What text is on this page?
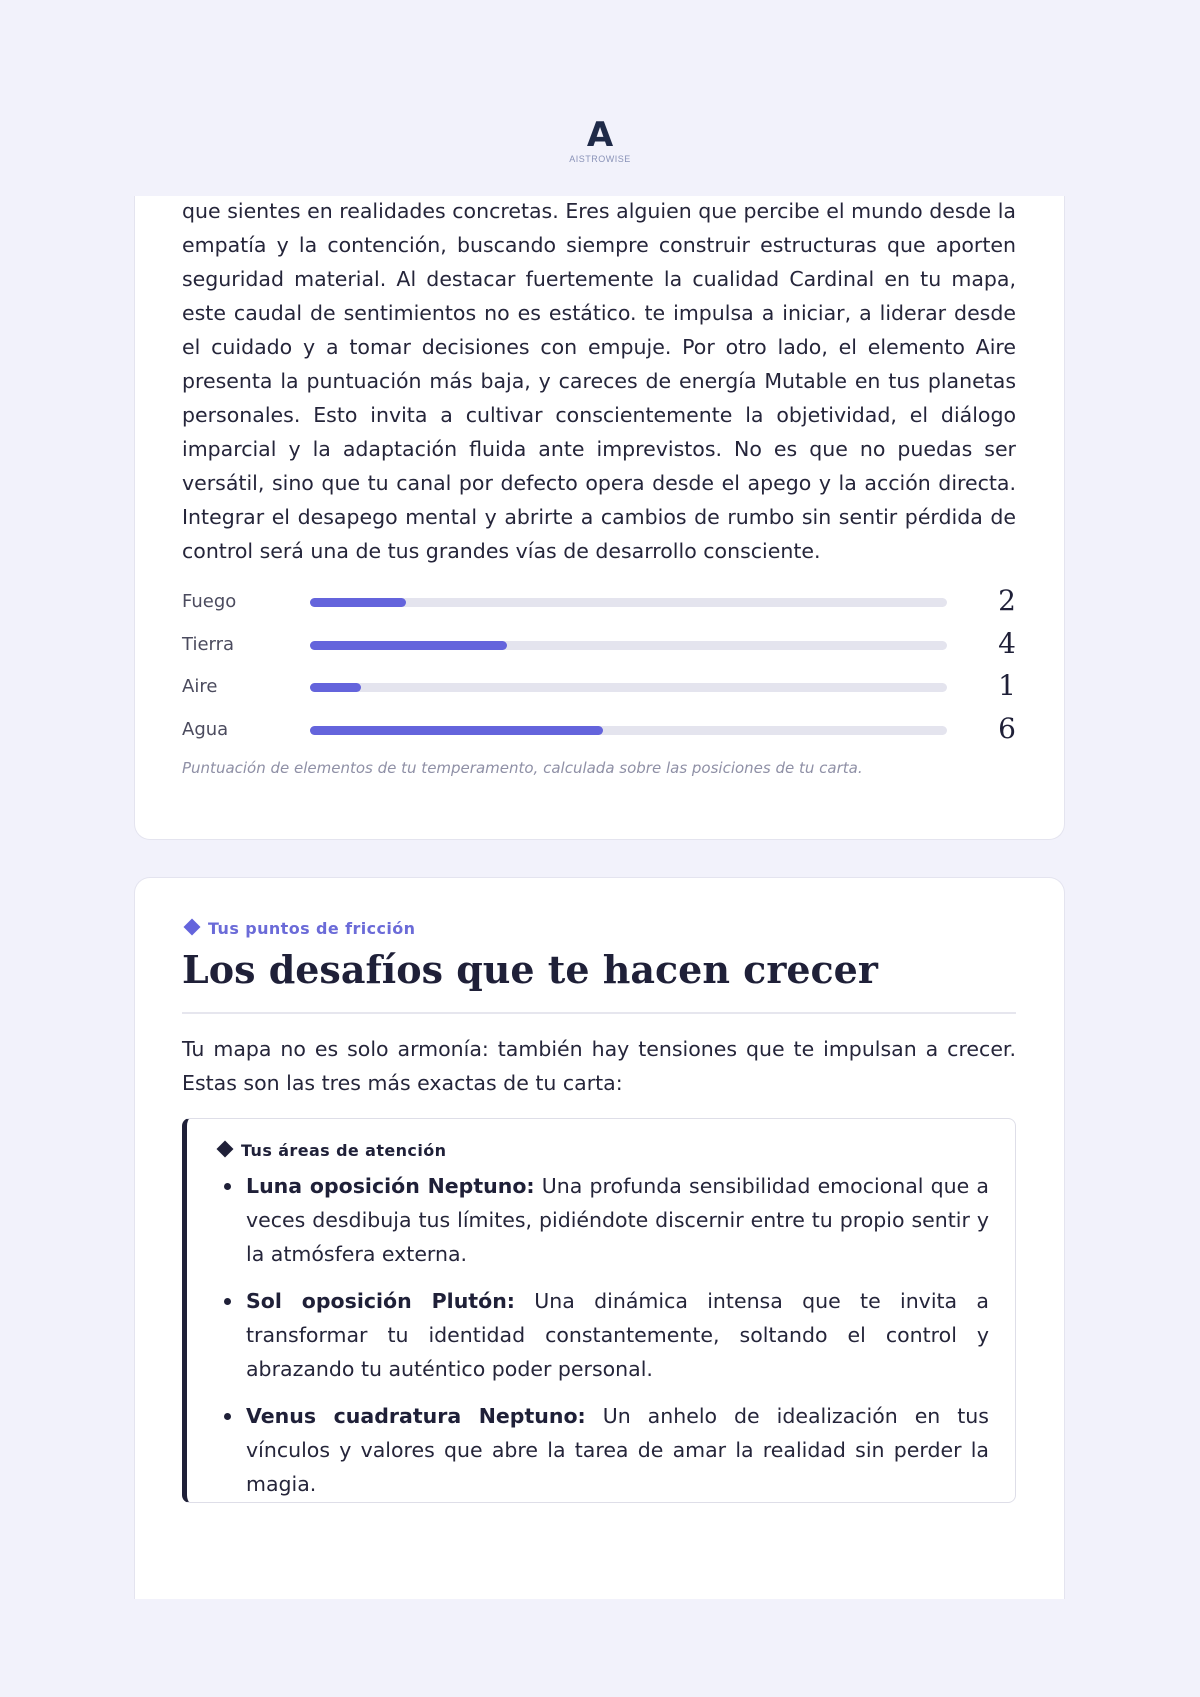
A
AISTROWISE

que sientes en realidades concretas. Eres alguien que percibe el mundo desde la empatía y la contención, buscando siempre construir estructuras que aporten seguridad material. Al destacar fuertemente la cualidad Cardinal en tu mapa, este caudal de sentimientos no es estático. te impulsa a iniciar, a liderar desde el cuidado y a tomar decisiones con empuje. Por otro lado, el elemento Aire presenta la puntuación más baja, y careces de energía Mutable en tus planetas personales. Esto invita a cultivar conscientemente la objetividad, el diálogo imparcial y la adaptación fluida ante imprevistos. No es que no puedas ser versátil, sino que tu canal por defecto opera desde el apego y la acción directa. Integrar el desapego mental y abrirte a cambios de rumbo sin sentir pérdida de control será una de tus grandes vías de desarrollo consciente.

Fuego	2
Tierra	4
Aire	1
Agua	6

Puntuación de elementos de tu temperamento, calculada sobre las posiciones de tu carta.

Tus puntos de fricción
Los desafíos que te hacen crecer

Tu mapa no es solo armonía: también hay tensiones que te impulsan a crecer. Estas son las tres más exactas de tu carta:

Tus áreas de atención
Luna oposición Neptuno: Una profunda sensibilidad emocional que a veces desdibuja tus límites, pidiéndote discernir entre tu propio sentir y la atmósfera externa.
Sol oposición Plutón: Una dinámica intensa que te invita a transformar tu identidad constantemente, soltando el control y abrazando tu auténtico poder personal.
Venus cuadratura Neptuno: Un anhelo de idealización en tus vínculos y valores que abre la tarea de amar la realidad sin perder la magia.
